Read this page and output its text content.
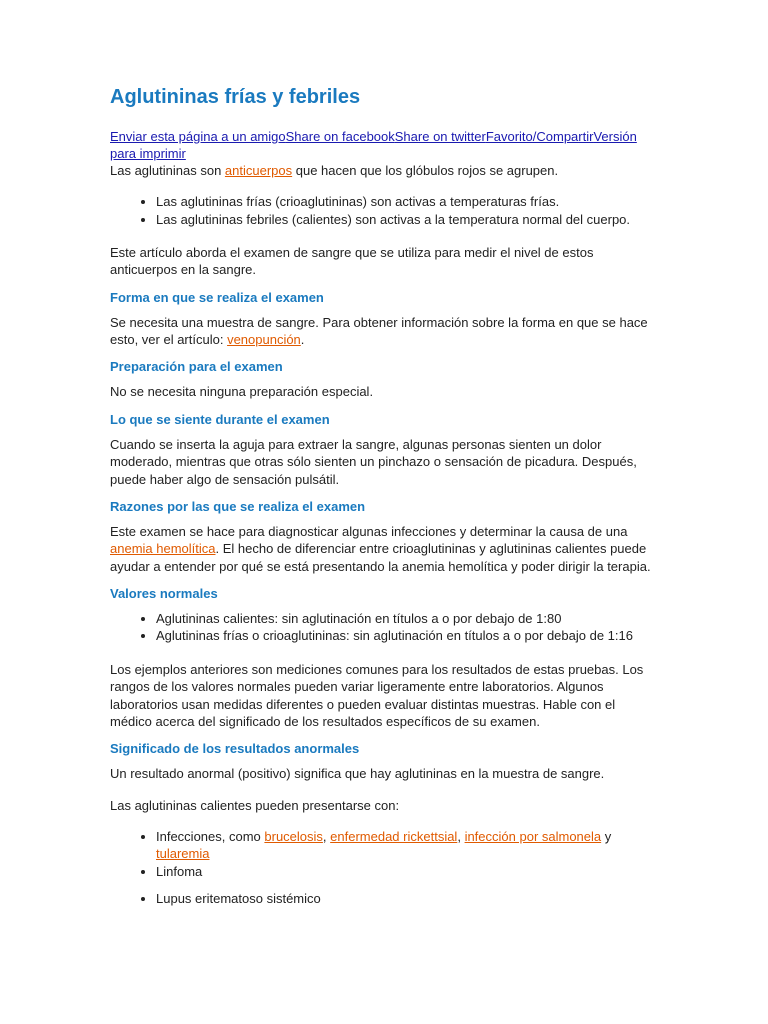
Aglutininas frías y febriles

Enviar esta página a un amigoShare on facebookShare on twitterFavorito/CompartirVersión para imprimir

Las aglutininas son anticuerpos que hacen que los glóbulos rojos se agrupen.

• Las aglutininas frías (crioaglutininas) son activas a temperaturas frías.
• Las aglutininas febriles (calientes) son activas a la temperatura normal del cuerpo.

Este artículo aborda el examen de sangre que se utiliza para medir el nivel de estos anticuerpos en la sangre.

Forma en que se realiza el examen

Se necesita una muestra de sangre. Para obtener información sobre la forma en que se hace esto, ver el artículo: venopunción.

Preparación para el examen

No se necesita ninguna preparación especial.

Lo que se siente durante el examen

Cuando se inserta la aguja para extraer la sangre, algunas personas sienten un dolor moderado, mientras que otras sólo sienten un pinchazo o sensación de picadura. Después, puede haber algo de sensación pulsátil.

Razones por las que se realiza el examen

Este examen se hace para diagnosticar algunas infecciones y determinar la causa de una anemia hemolítica. El hecho de diferenciar entre crioaglutininas y aglutininas calientes puede ayudar a entender por qué se está presentando la anemia hemolítica y poder dirigir la terapia.

Valores normales
• Aglutininas calientes: sin aglutinación en títulos a o por debajo de 1:80
• Aglutininas frías o crioaglutininas: sin aglutinación en títulos a o por debajo de 1:16

Los ejemplos anteriores son mediciones comunes para los resultados de estas pruebas. Los rangos de los valores normales pueden variar ligeramente entre laboratorios. Algunos laboratorios usan medidas diferentes o pueden evaluar distintas muestras. Hable con el médico acerca del significado de los resultados específicos de su examen.

Significado de los resultados anormales

Un resultado anormal (positivo) significa que hay aglutininas en la muestra de sangre.

Las aglutininas calientes pueden presentarse con:

• Infecciones, como brucelosis, enfermedad rickettsial, infección por salmonela y tularemia
• Linfoma
• Lupus eritematoso sistémico
